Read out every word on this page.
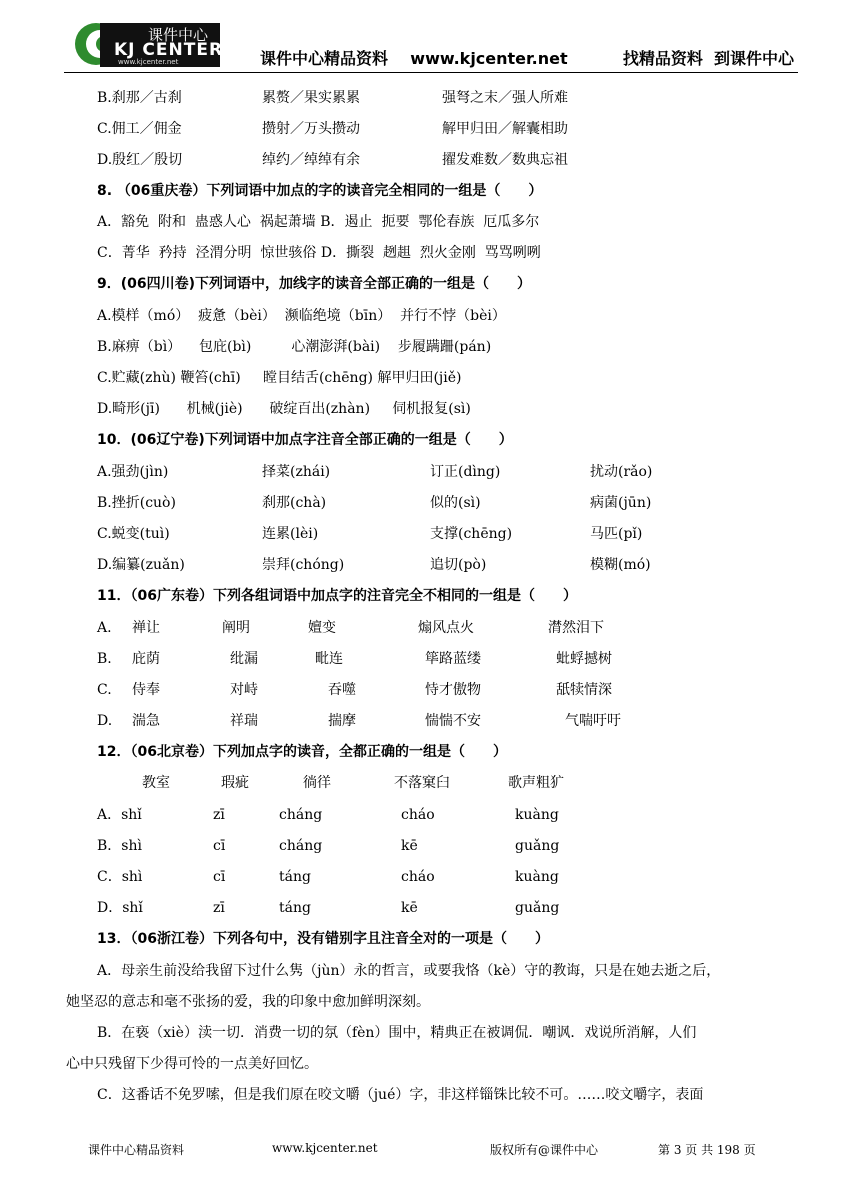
课件中心
KJ CENTER
www.kjcenter.net	课件中心精品资料    www.kjcenter.net	找精品资料  到课件中心
B.刹那／古刹	累赘／果实累累	强弩之末／强人所难
C.佣工／佣金	攒射／万头攒动	解甲归田／解囊相助
D.殷红／殷切	绰约／绰绰有余	擢发难数／数典忘祖
8. （06重庆卷）下列词语中加点的字的读音完全相同的一组是（　　）
A．豁免  附和  蛊惑人心  祸起萧墙 B．遏止  扼要  鄂伦春族  厄瓜多尔
C．菁华  矜持  泾渭分明  惊世骇俗 D．撕裂  趔趄  烈火金刚  骂骂咧咧
9．(06四川卷)下列词语中，加线字的读音全部正确的一组是（　　）
A.模样（mó）  疲惫（bèi）  濒临绝境（bīn）  并行不悖（bèi）
B.麻痹（bì）    包庇(bì)         心潮澎湃(bài)    步履蹒跚(pán)
C.贮藏(zhù) 鞭笞(chī)     瞠目结舌(chēng) 解甲归田(jiě)
D.畸形(jī)      机械(jiè)      破绽百出(zhàn)     伺机报复(sì)
10．(06辽宁卷)下列词语中加点字注音全部正确的一组是（　　）
A.强劲(jìn)	择菜(zhái)	订正(dìng)	扰动(rǎo)
B.挫折(cuò)	刹那(chà)	似的(sì)	病菌(jūn)
C.蜕变(tuì)	连累(lèi)	支撑(chēng)	马匹(pǐ)
D.编纂(zuǎn)	崇拜(chóng)	追切(pò)	模糊(mó)
11．（06广东卷）下列各组词语中加点字的注音完全不相同的一组是（　　）
A. 禅让	阐明	嬗变	煽风点火	潸然泪下
B. 庇荫	纰漏	毗连	筚路蓝缕	蚍蜉撼树
C. 侍奉	对峙	吞噬	恃才傲物	舐犊情深
D. 湍急	祥瑞	揣摩	惴惴不安	气喘吁吁
12．（06北京卷）下列加点字的读音，全都正确的一组是（　　）
教室	瑕疵	徜徉	不落窠臼	歌声粗犷
A．shǐ	zī	cháng	cháo	kuàng
B．shì	cī	cháng	kē	guǎng
C．shì	cī	táng	cháo	kuàng
D．shǐ	zī	táng	kē	guǎng
13．（06浙江卷）下列各句中，没有错别字且注音全对的一项是（　　）
A．母亲生前没给我留下过什么隽（jùn）永的哲言，或要我恪（kè）守的教诲，只是在她去逝之后，
她坚忍的意志和毫不张扬的爱，我的印象中愈加鲜明深刻。
B．在亵（xiè）渎一切．消费一切的氛（fèn）围中，精典正在被调侃．嘲讽．戏说所消解，人们
心中只残留下少得可怜的一点美好回忆。
C．这番话不免罗嗦，但是我们原在咬文嚼（jué）字，非这样锱铢比较不可。……咬文嚼字，表面
课件中心精品资料	www.kjcenter.net	版权所有@课件中心	第 3 页 共 198 页
